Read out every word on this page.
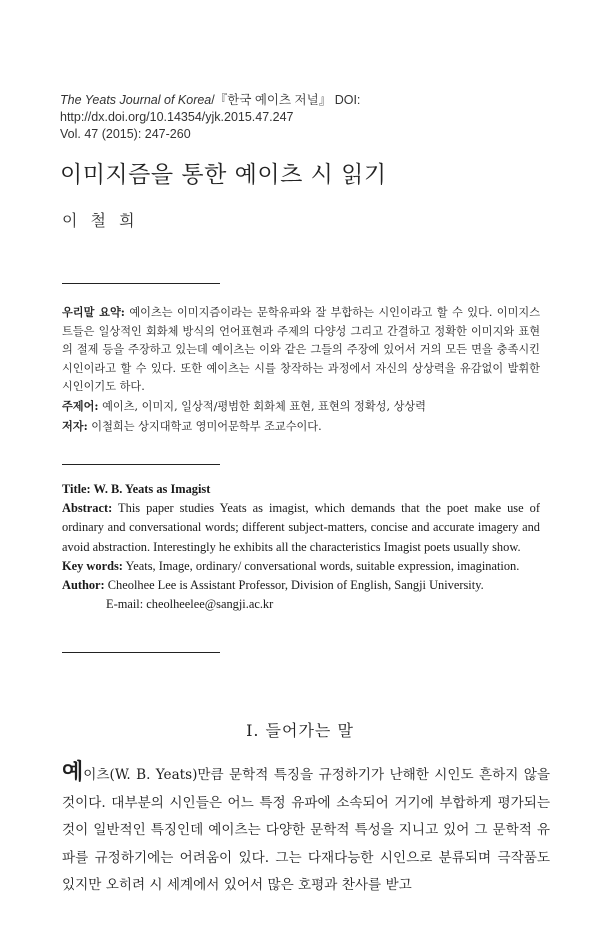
The Yeats Journal of Korea/『한국 예이츠 저널』 DOI: http://dx.doi.org/10.14354/yjk.2015.47.247
Vol. 47 (2015): 247-260
이미지즘을 통한 예이츠 시 읽기
이 철 희

우리말 요약: 예이츠는 이미지즘이라는 문학유파와 잘 부합하는 시인이라고 할 수 있다. 이미지스트들은 일상적인 회화체 방식의 언어표현과 주제의 다양성 그리고 간결하고 정확한 이미지와 표현의 절제 등을 주장하고 있는데 예이츠는 이와 같은 그들의 주장에 있어서 거의 모든 면을 충족시킨 시인이라고 할 수 있다. 또한 예이츠는 시를 창작하는 과정에서 자신의 상상력을 유감없이 발휘한 시인이기도 하다.

주제어: 예이츠, 이미지, 일상적/평범한 회화체 표현, 표현의 정확성, 상상력

저자: 이철희는 상지대학교 영미어문학부 조교수이다.

Title: W. B. Yeats as Imagist

Abstract: This paper studies Yeats as imagist, which demands that the poet make use of ordinary and conversational words; different subject-matters, concise and accurate imagery and avoid abstraction. Interestingly he exhibits all the characteristics Imagist poets usually show.

Key words: Yeats, Image, ordinary/ conversational words, suitable expression, imagination.

Author: Cheolhee Lee is Assistant Professor, Division of English, Sangji University.

E-mail: cheolheelee@sangji.ac.kr

I. 들어가는 말

예이츠(W. B. Yeats)만큼 문학적 특징을 규정하기가 난해한 시인도 흔하지 않을 것이다. 대부분의 시인들은 어느 특정 유파에 소속되어 거기에 부합하게 평가되는 것이 일반적인 특징인데 예이츠는 다양한 문학적 특성을 지니고 있어 그 문학적 유파를 규정하기에는 어려움이 있다. 그는 다재다능한 시인으로 분류되며 극작품도 있지만 오히려 시 세계에서 있어서 많은 호평과 찬사를 받고
